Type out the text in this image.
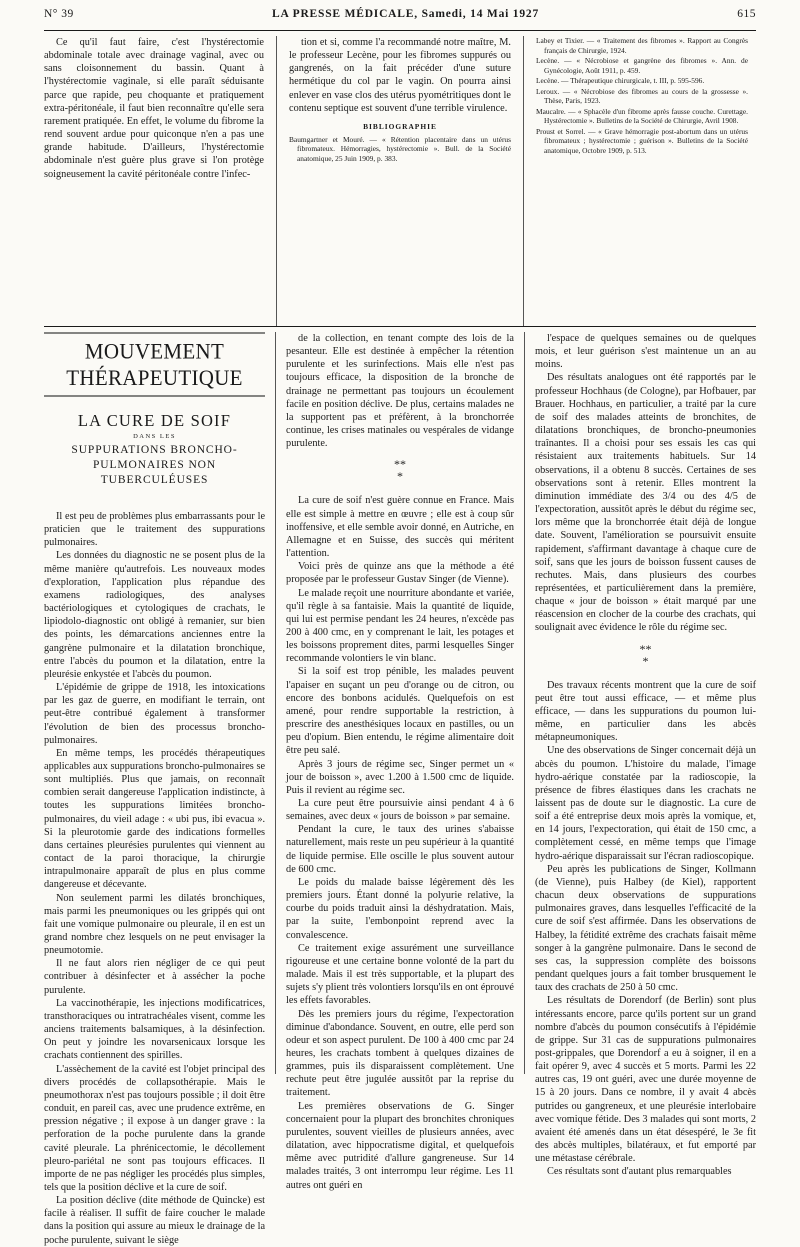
N° 39	LA PRESSE MÉDICALE, Samedi, 14 Mai 1927	615

Ce qu'il faut faire, c'est l'hystérectomie abdominale totale avec drainage vaginal, avec ou sans cloisonnement du bassin. Quant à l'hystérectomie vaginale, si elle paraît séduisante parce que rapide, peu choquante et pratiquement extra-péritonéale, il faut bien reconnaître qu'elle sera rarement pratiquée. En effet, le volume du fibrome la rend souvent ardue pour quiconque n'en a pas une grande habitude. D'ailleurs, l'hystérectomie abdominale n'est guère plus grave si l'on protège soigneusement la cavité péritonéale contre l'infec-

tion et si, comme l'a recommandé notre maître, M. le professeur Lecène, pour les fibromes suppurés ou gangrenés, on la fait précéder d'une suture hermétique du col par le vagin. On pourra ainsi enlever en vase clos des utérus pyométritiques dont le contenu septique est souvent d'une terrible virulence.

BIBLIOGRAPHIE

Baumgartner et Mouré. — « Rétention placentaire dans un utérus fibromateux. Hémorragies, hystérectomie ». Bull. de la Société anatomique, 25 Juin 1909, p. 383.

Labey et Tixier. — « Traitement des fibromes ». Rapport au Congrès français de Chirurgie, 1924.

Lecène. — « Nécrobiose et gangrène des fibromes ». Ann. de Gynécologie, Août 1911, p. 459.

Lecène. — Thérapeutique chirurgicale, t. III, p. 595-596.

Leroux. — « Nécrobiose des fibromes au cours de la grossesse ». Thèse, Paris, 1923.

Maucalre. — « Sphacèle d'un fibrome après fausse couche. Curettage. Hystérectomie ». Bulletins de la Société de Chirurgie, Avril 1908.

Proust et Sorrel. — « Grave hémorragie post-abortum dans un utérus fibromateux ; hystérectomie ; guérison ». Bulletins de la Société anatomique, Octobre 1909, p. 513.

MOUVEMENT THÉRAPEUTIQUE
LA CURE DE SOIF
DANS LES
SUPPURATIONS BRONCHO-PULMONAIRES NON TUBERCULÉUSES

Il est peu de problèmes plus embarrassants pour le praticien que le traitement des suppurations pulmonaires.

Les données du diagnostic ne se posent plus de la même manière qu'autrefois. Les nouveaux modes d'exploration, l'application plus répandue des examens radiologiques, des analyses bactériologiques et cytologiques de crachats, le lipiodolo-diagnostic ont obligé à remanier, sur bien des points, les démarcations anciennes entre la gangrène pulmonaire et la dilatation bronchique, entre l'abcès du poumon et la dilatation, entre la pleurésie enkystée et l'abcès du poumon.

L'épidémie de grippe de 1918, les intoxications par les gaz de guerre, en modifiant le terrain, ont peut-être contribué également à transformer l'évolution de bien des processus broncho-pulmonaires.

En même temps, les procédés thérapeutiques applicables aux suppurations broncho-pulmonaires se sont multipliés. Plus que jamais, on reconnaît combien serait dangereuse l'application indistincte, à toutes les suppurations limitées broncho-pulmonaires, du vieil adage : « ubi pus, ibi evacua ». Si la pleurotomie garde des indications formelles dans certaines pleurésies purulentes qui viennent au contact de la paroi thoracique, la chirurgie intrapulmonaire apparaît de plus en plus comme dangereuse et décevante.

Non seulement parmi les dilatés bronchiques, mais parmi les pneumoniques ou les grippés qui ont fait une vomique pulmonaire ou pleurale, il en est un grand nombre chez lesquels on ne peut envisager la pneumotomie.

Il ne faut alors rien négliger de ce qui peut contribuer à désinfecter et à assécher la poche purulente.

La vaccinothérapie, les injections modificatrices, transthoraciques ou intratrachéales visent, comme les anciens traitements balsamiques, à la désinfection. On peut y joindre les novarsenicaux lorsque les crachats contiennent des spirilles.

L'assèchement de la cavité est l'objet principal des divers procédés de collapsothérapie. Mais le pneumothorax n'est pas toujours possible ; il doit être conduit, en pareil cas, avec une prudence extrême, en pression négative ; il expose à un danger grave : la perforation de la poche purulente dans la grande cavité pleurale. La phrénicectomie, le décollement pleuro-pariétal ne sont pas toujours efficaces. Il importe de ne pas négliger les procédés plus simples, tels que la position déclive et la cure de soif.

La position déclive (dite méthode de Quincke) est facile à réaliser. Il suffit de faire coucher le malade dans la position qui assure au mieux le drainage de la poche purulente, suivant le siège

de la collection, en tenant compte des lois de la pesanteur. Elle est destinée à empêcher la rétention purulente et les surinfections. Mais elle n'est pas toujours efficace, la disposition de la bronche de drainage ne permettant pas toujours un écoulement facile en position déclive. De plus, certains malades ne la supportent pas et préfèrent, à la bronchorrée continue, les crises matinales ou vespérales de vidange purulente.

**
*

La cure de soif n'est guère connue en France. Mais elle est simple à mettre en œuvre ; elle est à coup sûr inoffensive, et elle semble avoir donné, en Autriche, en Allemagne et en Suisse, des succès qui méritent l'attention.

Voici près de quinze ans que la méthode a été proposée par le professeur Gustav Singer (de Vienne).

Le malade reçoit une nourriture abondante et variée, qu'il règle à sa fantaisie. Mais la quantité de liquide, qui lui est permise pendant les 24 heures, n'excède pas 200 à 400 cmc, en y comprenant le lait, les potages et les boissons proprement dites, parmi lesquelles Singer recommande volontiers le vin blanc.

Si la soif est trop pénible, les malades peuvent l'apaiser en suçant un peu d'orange ou de citron, ou encore des bonbons acidulés. Quelquefois on est amené, pour rendre supportable la restriction, à prescrire des anesthésiques locaux en pastilles, ou un peu d'opium. Bien entendu, le régime alimentaire doit être peu salé.

Après 3 jours de régime sec, Singer permet un « jour de boisson », avec 1.200 à 1.500 cmc de liquide. Puis il revient au régime sec.

La cure peut être poursuivie ainsi pendant 4 à 6 semaines, avec deux « jours de boisson » par semaine.

Pendant la cure, le taux des urines s'abaisse naturellement, mais reste un peu supérieur à la quantité de liquide permise. Elle oscille le plus souvent autour de 600 cmc.

Le poids du malade baisse légèrement dès les premiers jours. Étant donné la polyurie relative, la courbe du poids traduit ainsi la déshydratation. Mais, par la suite, l'embonpoint reprend avec la convalescence.

Ce traitement exige assurément une surveillance rigoureuse et une certaine bonne volonté de la part du malade. Mais il est très supportable, et la plupart des sujets s'y plient très volontiers lorsqu'ils en ont éprouvé les effets favorables.

Dès les premiers jours du régime, l'expectoration diminue d'abondance. Souvent, en outre, elle perd son odeur et son aspect purulent. De 100 à 400 cmc par 24 heures, les crachats tombent à quelques dizaines de grammes, puis ils disparaissent complètement. Une rechute peut être jugulée aussitôt par la reprise du traitement.

Les premières observations de G. Singer concernaient pour la plupart des bronchites chroniques purulentes, souvent vieilles de plusieurs années, avec dilatation, avec hippocratisme digital, et quelquefois même avec putridité d'allure gangreneuse. Sur 14 malades traités, 3 ont interrompu leur régime. Les 11 autres ont guéri en

l'espace de quelques semaines ou de quelques mois, et leur guérison s'est maintenue un an au moins.

Des résultats analogues ont été rapportés par le professeur Hochhaus (de Cologne), par Hofbauer, par Brauer. Hochhaus, en particulier, a traité par la cure de soif des malades atteints de bronchites, de dilatations bronchiques, de broncho-pneumonies traînantes. Il a choisi pour ses essais les cas qui résistaient aux traitements habituels. Sur 14 observations, il a obtenu 8 succès. Certaines de ses observations sont à retenir. Elles montrent la diminution immédiate des 3/4 ou des 4/5 de l'expectoration, aussitôt après le début du régime sec, lors même que la bronchorrée était déjà de longue date. Souvent, l'amélioration se poursuivit ensuite rapidement, s'affirmant davantage à chaque cure de soif, sans que les jours de boisson fussent causes de rechutes. Mais, dans plusieurs des courbes représentées, et particulièrement dans la première, chaque « jour de boisson » était marqué par une réascension en clocher de la courbe des crachats, qui soulignait avec évidence le rôle du régime sec.

**
*

Des travaux récents montrent que la cure de soif peut être tout aussi efficace, — et même plus efficace, — dans les suppurations du poumon lui-même, en particulier dans les abcès métapneumoniques.

Une des observations de Singer concernait déjà un abcès du poumon. L'histoire du malade, l'image hydro-aérique constatée par la radioscopie, la présence de fibres élastiques dans les crachats ne laissent pas de doute sur le diagnostic. La cure de soif a été entreprise deux mois après la vomique, et, en 14 jours, l'expectoration, qui était de 150 cmc, a complètement cessé, en même temps que l'image hydro-aérique disparaissait sur l'écran radioscopique.

Peu après les publications de Singer, Kollmann (de Vienne), puis Halbey (de Kiel), rapportent chacun deux observations de suppurations pulmonaires graves, dans lesquelles l'efficacité de la cure de soif s'est affirmée. Dans les observations de Halbey, la fétidité extrême des crachats faisait même songer à la gangrène pulmonaire. Dans le second de ses cas, la suppression complète des boissons pendant quelques jours a fait tomber brusquement le taux des crachats de 250 à 50 cmc.

Les résultats de Dorendorf (de Berlin) sont plus intéressants encore, parce qu'ils portent sur un grand nombre d'abcès du poumon consécutifs à l'épidémie de grippe. Sur 31 cas de suppurations pulmonaires post-grippales, que Dorendorf a eu à soigner, il en a fait opérer 9, avec 4 succès et 5 morts. Parmi les 22 autres cas, 19 ont guéri, avec une durée moyenne de 15 à 20 jours. Dans ce nombre, il y avait 4 abcès putrides ou gangreneux, et une pleurésie interlobaire avec vomique fétide. Des 3 malades qui sont morts, 2 avaient été amenés dans un état désespéré, le 3e fit des abcès multiples, bilatéraux, et fut emporté par une métastase cérébrale.

Ces résultats sont d'autant plus remarquables
